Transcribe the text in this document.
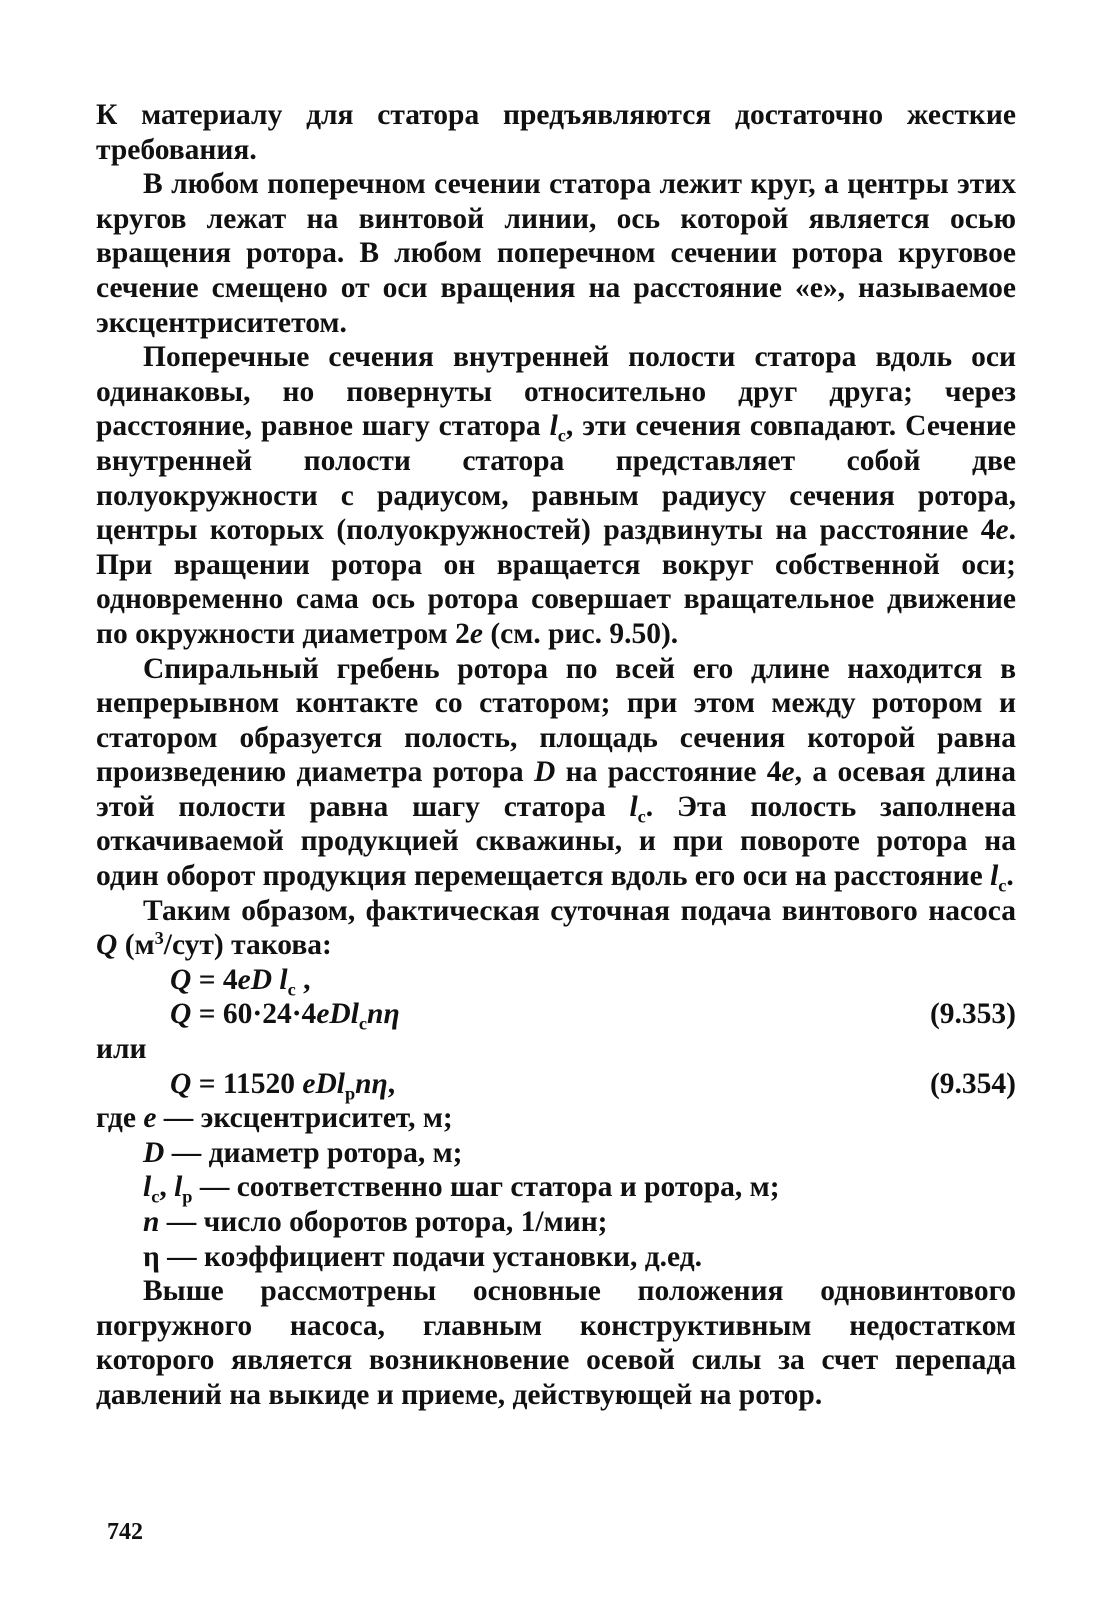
К материалу для статора предъявляются достаточно жесткие требования.

В любом поперечном сечении статора лежит круг, а центры этих кругов лежат на винтовой линии, ось которой является осью вращения ротора. В любом поперечном сечении ротора круговое сечение смещено от оси вращения на расстояние «е», называемое эксцентриситетом.

Поперечные сечения внутренней полости статора вдоль оси одинаковы, но повернуты относительно друг друга; через расстояние, равное шагу статора $l_с$, эти сечения совпадают. Сечение внутренней полости статора представляет собой две полуокружности с радиусом, равным радиусу сечения ротора, центры которых (полуокружностей) раздвинуты на расстояние 4е. При вращении ротора он вращается вокруг собственной оси; одновременно сама ось ротора совершает вращательное движение по окружности диаметром 2е (см. рис. 9.50).

Спиральный гребень ротора по всей его длине находится в непрерывном контакте со статором; при этом между ротором и статором образуется полость, площадь сечения которой равна произведению диаметра ротора D на расстояние 4е, а осевая длина этой полости равна шагу статора $l_с$. Эта полость заполнена откачиваемой продукцией скважины, и при повороте ротора на один оборот продукция перемещается вдоль его оси на расстояние $l_с$.

Таким образом, фактическая суточная подача винтового насоса Q $(м^3/сут)$ такова:

Q = 4eD $l_с$ ,
Q = 60·24·4eDl$_с$nη	(9.353)
или
Q = 11520 eDl$_р$nη,	(9.354)
где е — эксцентриситет, м;
D — диаметр ротора, м;
$l_с$, $l_р$ — соответственно шаг статора и ротора, м;
n — число оборотов ротора, 1/мин;
η — коэффициент подачи установки, д.ед.

Выше рассмотрены основные положения одновинтового погружного насоса, главным конструктивным недостатком которого является возникновение осевой силы за счет перепада давлений на выкиде и приеме, действующей на ротор.

742
